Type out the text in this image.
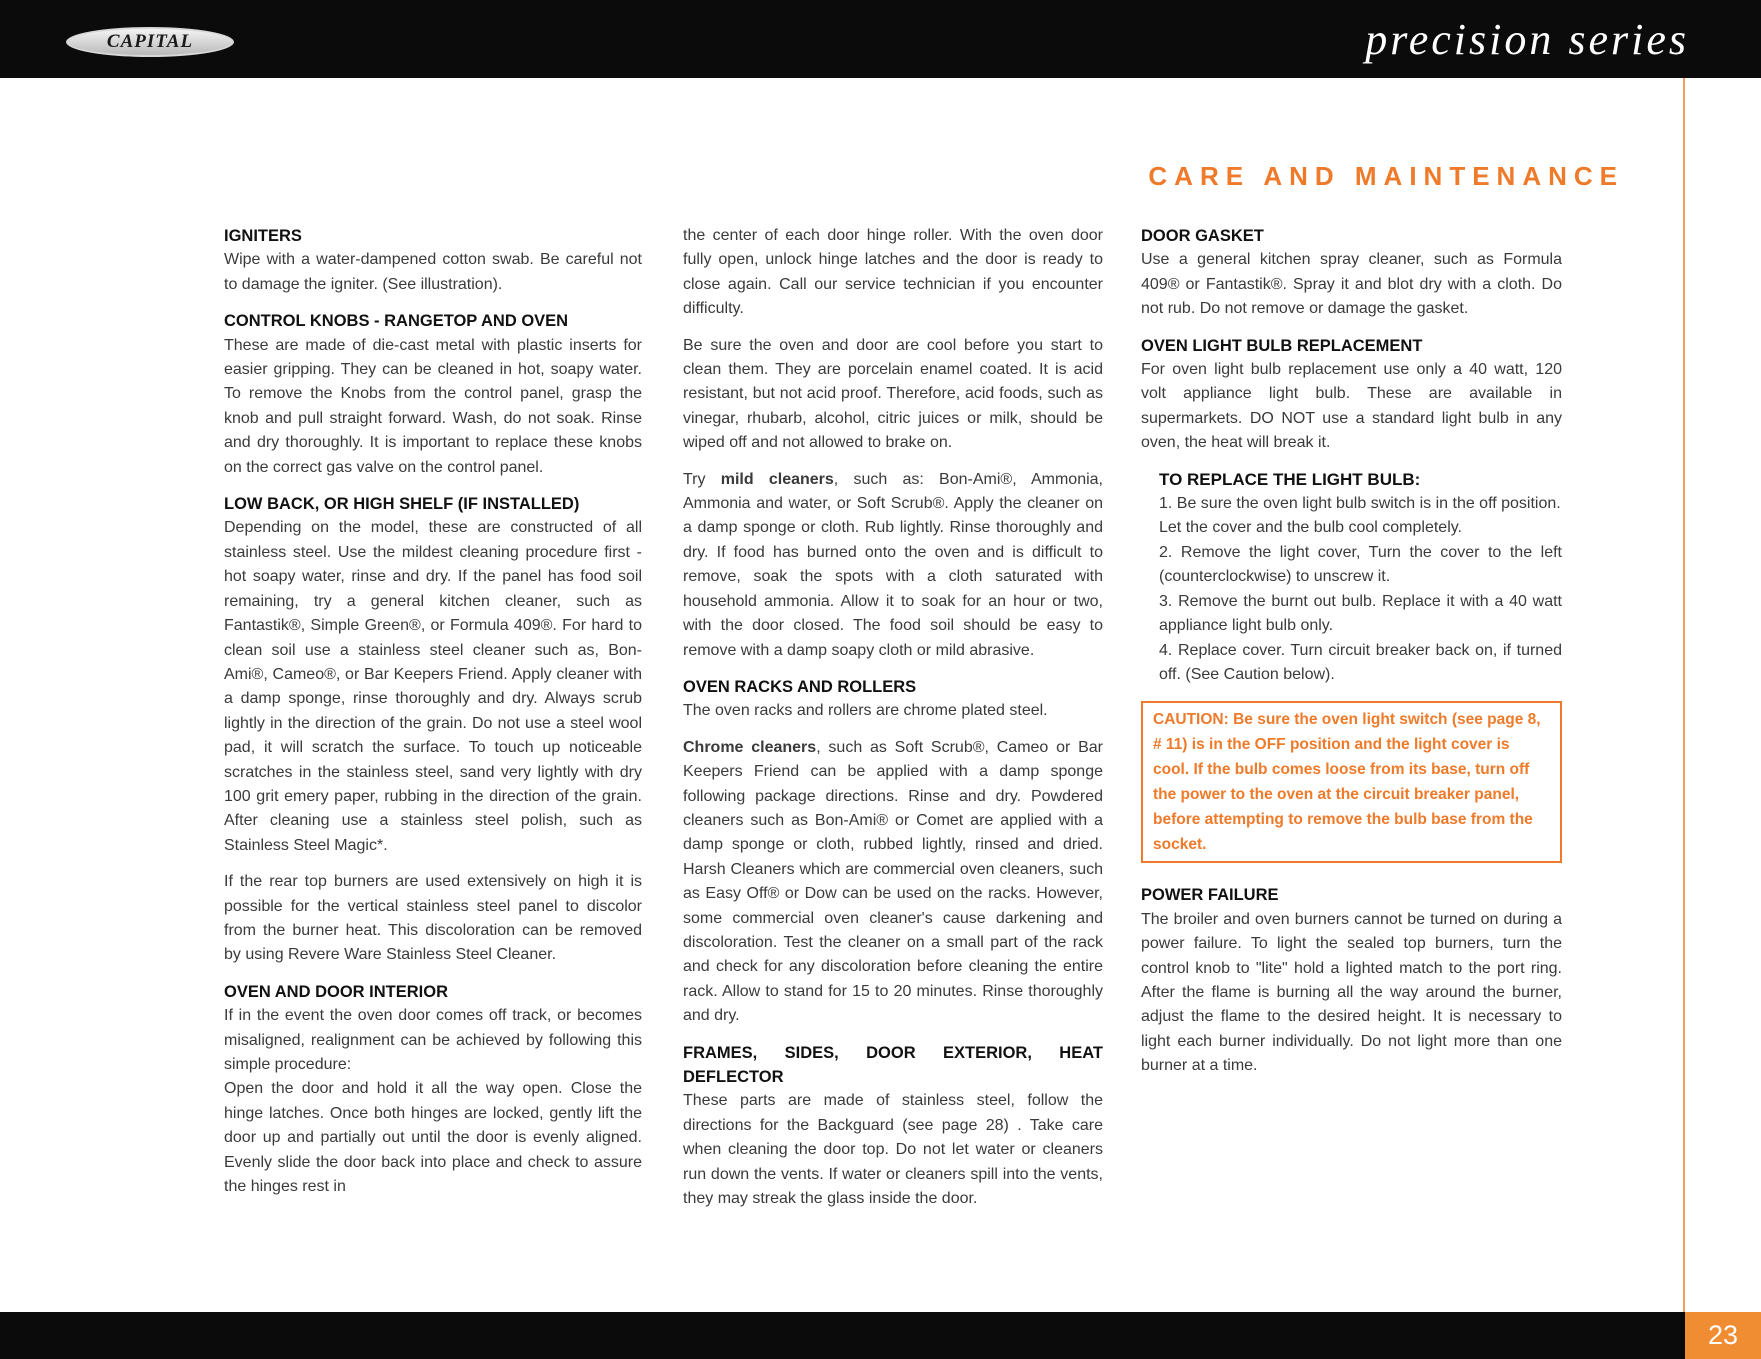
CAPITAL	precision series
CARE AND MAINTENANCE
IGNITERS
Wipe with a water-dampened cotton swab. Be careful not to damage the igniter. (See illustration).
CONTROL KNOBS - RANGETOP AND OVEN
These are made of die-cast metal with plastic inserts for easier gripping. They can be cleaned in hot, soapy water. To remove the Knobs from the control panel, grasp the knob and pull straight forward. Wash, do not soak. Rinse and dry thoroughly. It is important to replace these knobs on the correct gas valve on the control panel.
LOW BACK, OR HIGH SHELF (IF INSTALLED)
Depending on the model, these are constructed of all stainless steel. Use the mildest cleaning procedure first - hot soapy water, rinse and dry. If the panel has food soil remaining, try a general kitchen cleaner, such as Fantastik®, Simple Green®, or Formula 409®. For hard to clean soil use a stainless steel cleaner such as, Bon-Ami®, Cameo®, or Bar Keepers Friend. Apply cleaner with a damp sponge, rinse thoroughly and dry. Always scrub lightly in the direction of the grain. Do not use a steel wool pad, it will scratch the surface. To touch up noticeable scratches in the stainless steel, sand very lightly with dry 100 grit emery paper, rubbing in the direction of the grain. After cleaning use a stainless steel polish, such as Stainless Steel Magic*.
If the rear top burners are used extensively on high it is possible for the vertical stainless steel panel to discolor from the burner heat. This discoloration can be removed by using Revere Ware Stainless Steel Cleaner.
OVEN AND DOOR INTERIOR
If in the event the oven door comes off track, or becomes misaligned, realignment can be achieved by following this simple procedure:
Open the door and hold it all the way open. Close the hinge latches. Once both hinges are locked, gently lift the door up and partially out until the door is evenly aligned. Evenly slide the door back into place and check to assure the hinges rest in
the center of each door hinge roller. With the oven door fully open, unlock hinge latches and the door is ready to close again. Call our service technician if you encounter difficulty.
Be sure the oven and door are cool before you start to clean them. They are porcelain enamel coated. It is acid resistant, but not acid proof. Therefore, acid foods, such as vinegar, rhubarb, alcohol, citric juices or milk, should be wiped off and not allowed to brake on.
Try mild cleaners, such as: Bon-Ami®, Ammonia, Ammonia and water, or Soft Scrub®. Apply the cleaner on a damp sponge or cloth. Rub lightly. Rinse thoroughly and dry. If food has burned onto the oven and is difficult to remove, soak the spots with a cloth saturated with household ammonia. Allow it to soak for an hour or two, with the door closed. The food soil should be easy to remove with a damp soapy cloth or mild abrasive.
OVEN RACKS AND ROLLERS
The oven racks and rollers are chrome plated steel.
Chrome cleaners, such as Soft Scrub®, Cameo or Bar Keepers Friend can be applied with a damp sponge following package directions. Rinse and dry. Powdered cleaners such as Bon-Ami® or Comet are applied with a damp sponge or cloth, rubbed lightly, rinsed and dried. Harsh Cleaners which are commercial oven cleaners, such as Easy Off® or Dow can be used on the racks. However, some commercial oven cleaner's cause darkening and discoloration. Test the cleaner on a small part of the rack and check for any discoloration before cleaning the entire rack. Allow to stand for 15 to 20 minutes. Rinse thoroughly and dry.
FRAMES, SIDES, DOOR EXTERIOR, HEAT DEFLECTOR
These parts are made of stainless steel, follow the directions for the Backguard (see page 28) . Take care when cleaning the door top. Do not let water or cleaners run down the vents. If water or cleaners spill into the vents, they may streak the glass inside the door.
DOOR GASKET
Use a general kitchen spray cleaner, such as Formula 409® or Fantastik®. Spray it and blot dry with a cloth. Do not rub. Do not remove or damage the gasket.
OVEN LIGHT BULB REPLACEMENT
For oven light bulb replacement use only a 40 watt, 120 volt appliance light bulb. These are available in supermarkets. DO NOT use a standard light bulb in any oven, the heat will break it.
TO REPLACE THE LIGHT BULB:
1. Be sure the oven light bulb switch is in the off position.
Let the cover and the bulb cool completely.
2. Remove the light cover, Turn the cover to the left (counterclockwise) to unscrew it.
3. Remove the burnt out bulb. Replace it with a 40 watt appliance light bulb only.
4. Replace cover. Turn circuit breaker back on, if turned off. (See Caution below).
CAUTION: Be sure the oven light switch (see page 8, # 11) is in the OFF position and the light cover is cool. If the bulb comes loose from its base, turn off the power to the oven at the circuit breaker panel, before attempting to remove the bulb base from the socket.
POWER FAILURE
The broiler and oven burners cannot be turned on during a power failure. To light the sealed top burners, turn the control knob to "lite" hold a lighted match to the port ring. After the flame is burning all the way around the burner, adjust the flame to the desired height. It is necessary to light each burner individually. Do not light more than one burner at a time.
23
